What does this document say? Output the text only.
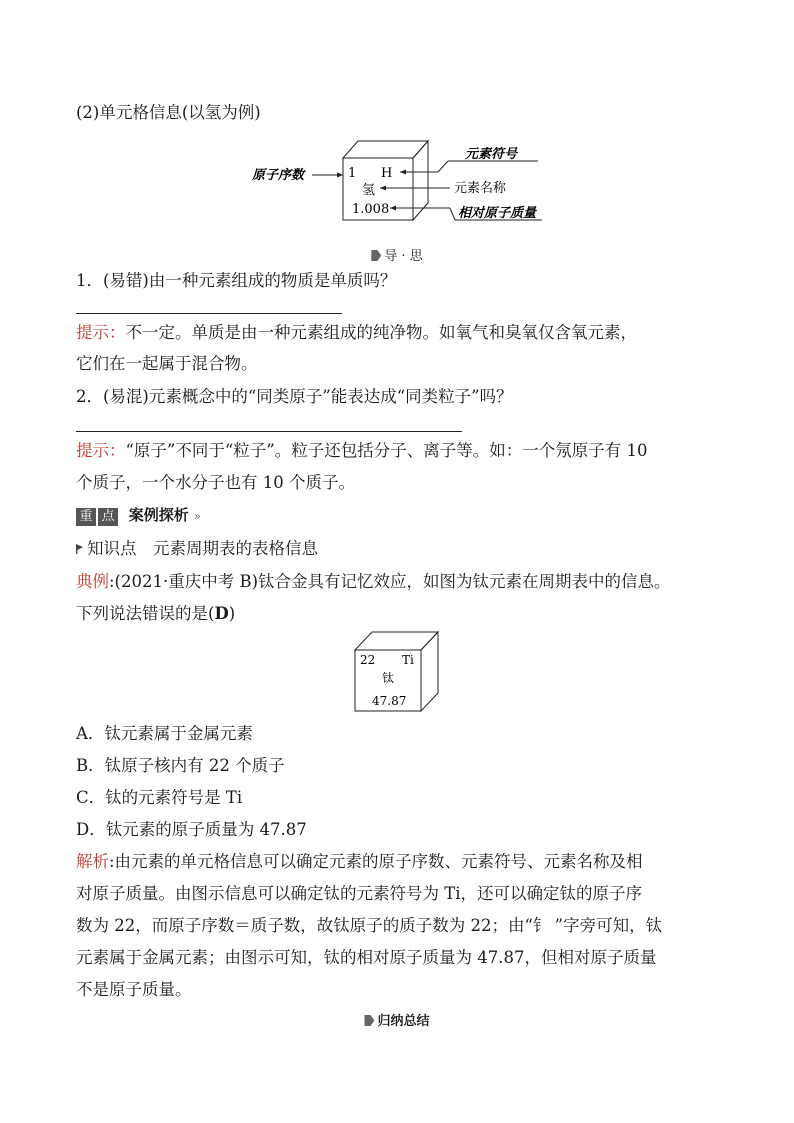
(2)单元格信息(以氢为例)
原子序数	1 H
氢
1.008
元素符号
元素名称
相对原子质量
导 · 思
1．(易错)由一种元素组成的物质是单质吗？
提示：不一定。单质是由一种元素组成的纯净物。如氧气和臭氧仅含氧元素，
它们在一起属于混合物。
2．(易混)元素概念中的“同类原子”能表达成“同类粒子”吗？
提示：“原子”不同于“粒子”。粒子还包括分子、离子等。如：一个氖原子有 10
个质子，一个水分子也有 10 个质子。
重 点 案例探析 »
知识点　元素周期表的表格信息
典例:(2021·重庆中考 B)钛合金具有记忆效应，如图为钛元素在周期表中的信息。
下列说法错误的是(D)
22 Ti
钛
47.87
A．钛元素属于金属元素
B．钛原子核内有 22 个质子
C．钛的元素符号是 Ti
D．钛元素的原子质量为 47.87
解析:由元素的单元格信息可以确定元素的原子序数、元素符号、元素名称及相
对原子质量。由图示信息可以确定钛的元素符号为 Ti，还可以确定钛的原子序
数为 22，而原子序数＝质子数，故钛原子的质子数为 22；由“钅 ”字旁可知，钛
元素属于金属元素；由图示可知，钛的相对原子质量为 47.87，但相对原子质量
不是原子质量。
归纳总结
